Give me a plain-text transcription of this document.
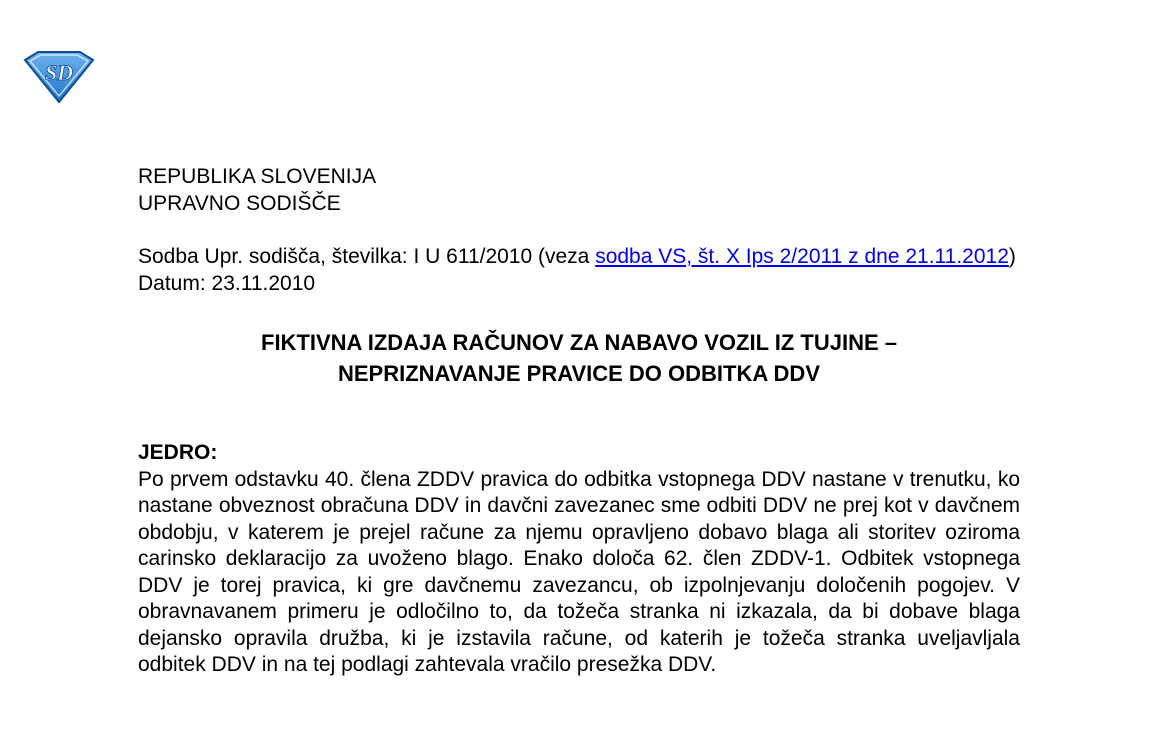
SD
REPUBLIKA SLOVENIJA
UPRAVNO SODIŠČE
Sodba Upr. sodišča, številka: I U 611/2010 (veza sodba VS, št. X Ips 2/2011 z dne 21.11.2012)
Datum: 23.11.2010
FIKTIVNA IZDAJA RAČUNOV ZA NABAVO VOZIL IZ TUJINE –
NEPRIZNAVANJE PRAVICE DO ODBITKA DDV
JEDRO:

Po prvem odstavku 40. člena ZDDV pravica do odbitka vstopnega DDV nastane v trenutku, ko nastane obveznost obračuna DDV in davčni zavezanec sme odbiti DDV ne prej kot v davčnem obdobju, v katerem je prejel račune za njemu opravljeno dobavo blaga ali storitev oziroma carinsko deklaracijo za uvoženo blago. Enako določa 62. člen ZDDV-1. Odbitek vstopnega DDV je torej pravica, ki gre davčnemu zavezancu, ob izpolnjevanju določenih pogojev. V obravnavanem primeru je odločilno to, da tožeča stranka ni izkazala, da bi dobave blaga dejansko opravila družba, ki je izstavila račune, od katerih je tožeča stranka uveljavljala odbitek DDV in na tej podlagi zahtevala vračilo presežka DDV.
